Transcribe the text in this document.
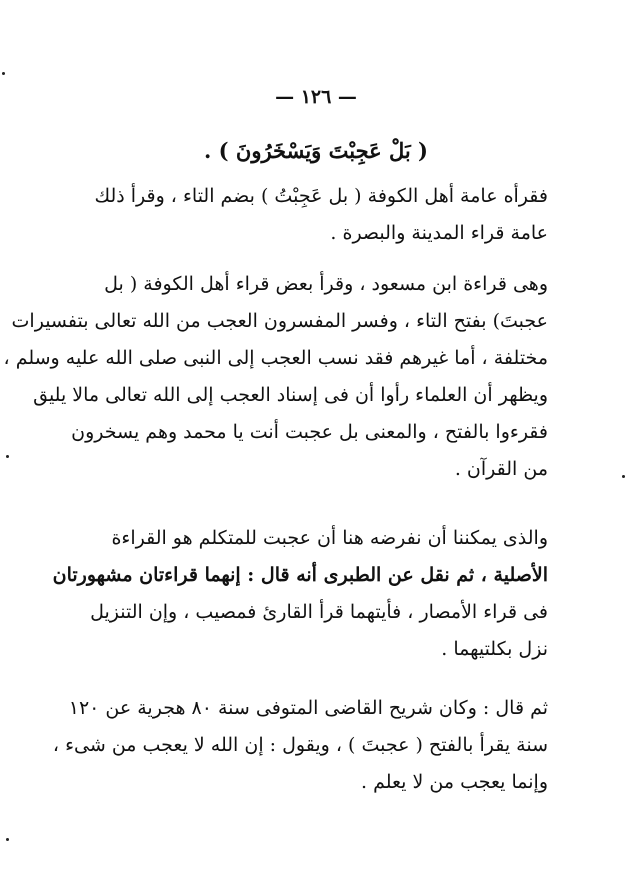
— ١٢٦ —
( بَلْ عَجِبْتَ وَيَسْخَرُونَ ) .
فقرأه عامة أهل الكوفة ( بل عَجِبْتُ ) بضم التاء ، وقرأ ذلك
عامة قراء المدينة والبصرة .
وهى قراءة ابن مسعود ، وقرأ بعض قراء أهل الكوفة ( بل
عجبتَ) بفتح التاء ، وفسر المفسرون العجب من الله تعالى بتفسيرات
مختلفة ، أما غيرهم فقد نسب العجب إلى النبى صلى الله عليه وسلم ،
ويظهر أن العلماء رأوا أن فى إسناد العجب إلى الله تعالى مالا يليق
فقرءوا بالفتح ، والمعنى بل عجبت أنت يا محمد وهم يسخرون
من القرآن .
والذى يمكننا أن نفرضه هنا أن عجبت للمتكلم هو القراءة
الأصلية ، ثم نقل عن الطبرى أنه قال : إنهما قراءتان مشهورتان
فى قراء الأمصار ، فأيتهما قرأ القارئ فمصيب ، وإن التنزيل
نزل بكلتيهما .
ثم قال : وكان شريح القاضى المتوفى سنة ٨٠ هجرية عن ١٢٠
سنة يقرأ بالفتح ( عجبتَ ) ، ويقول : إن الله لا يعجب من شىء ،
وإنما يعجب من لا يعلم .
